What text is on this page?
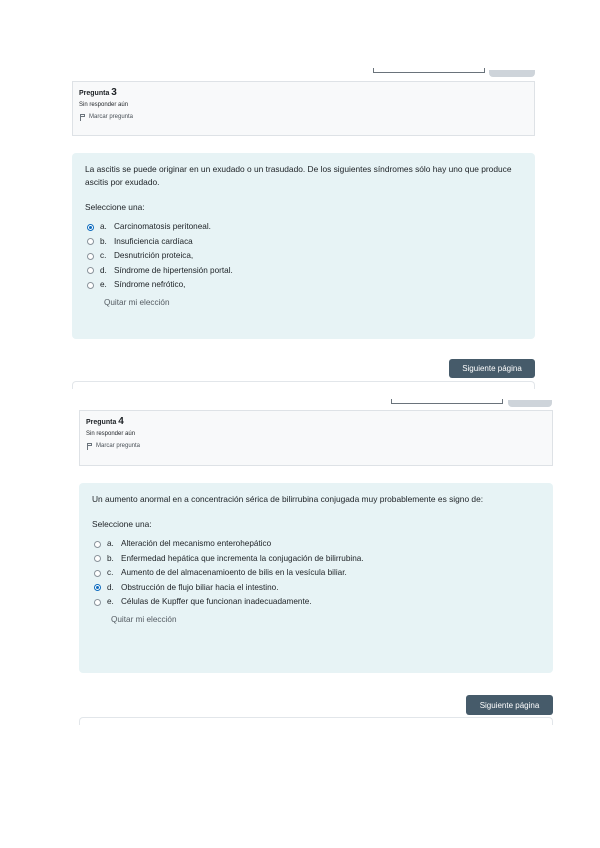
Pregunta 3
Sin responder aún
Marcar pregunta

La ascitis se puede originar en un exudado o un trasudado. De los siguientes síndromes sólo hay uno que produce ascitis por exudado.

Seleccione una:
a. Carcinomatosis peritoneal.
b. Insuficiencia cardíaca
c. Desnutrición proteica,
d. Síndrome de hipertensión portal.
e. Síndrome nefrótico,
Quitar mi elección
Siguiente página
Pregunta 4
Sin responder aún
Marcar pregunta

Un aumento anormal en a concentración sérica de bilirrubina conjugada muy probablemente es signo de:

Seleccione una:
a. Alteración del mecanismo enterohepático
b. Enfermedad hepática que incrementa la conjugación de bilirrubina.
c. Aumento de del almacenamioento de bilis en la vesícula biliar.
d. Obstrucción de flujo biliar hacia el intestino.
e. Células de Kupffer que funcionan inadecuadamente.
Quitar mi elección
Siguiente página
